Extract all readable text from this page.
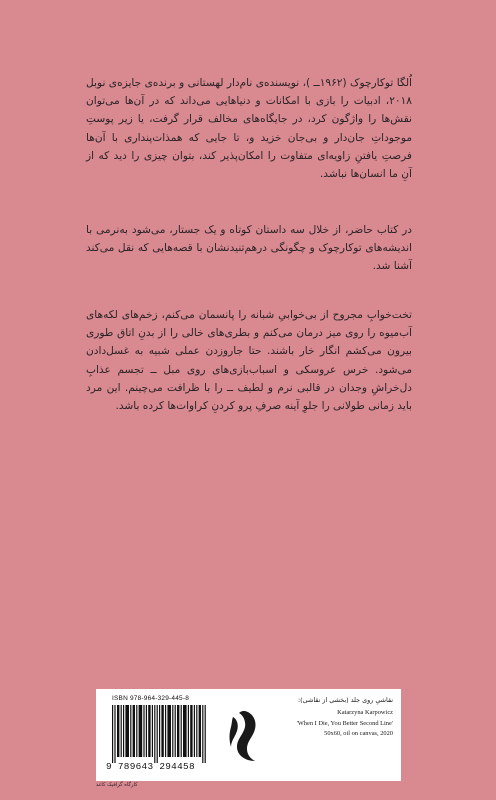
اُلگا توکارچوک (۱۹۶۲ــ )، نویسنده‌ی نام‌دار لهستانی و برنده‌ی جایزه‌ی نوبل ۲۰۱۸، ادبیات را بازی با امکانات و دنیاهایی می‌داند که در آن‌ها می‌توان نقش‌ها را واژگون کرد، در جایگاه‌های مخالف قرار گرفت، یا زیر پوستِ موجوداتِ جان‌دار و بی‌جان خزید و، تا جایی که همذات‌پنداری با آن‌ها فرصتِ یافتنِ زاویه‌ای متفاوت را امکان‌پذیر کند، بتوان چیزی را دید که از آنِ ما انسان‌ها نباشد.

در کتاب حاضر، از خلال سه داستان کوتاه و یک جستار، می‌شود به‌نرمی با اندیشه‌های توکارچوک و چگونگی درهم‌تنیدنشان با قصه‌هایی که نقل می‌کند آشنا شد.

تخت‌خوابِ مجروح از بی‌خوابیِ شبانه را پانسمان می‌کنم، زخم‌های لکه‌های آب‌میوه را روی میز درمان می‌کنم و بطری‌های خالی را از بدنِ اتاق طوری بیرون می‌کشم انگار خار باشند. حتا جاروزدن عملی شبیه به غسل‌دادن می‌شود. خرس عروسکی و اسباب‌بازی‌های روی مبل ــ تجسم عذابِ دل‌خراشِ وجدان در قالبی نرم و لطیف ــ را با ظرافت می‌چینم. این مرد باید زمانی طولانی را جلوِ آینه صرفِ پرو کردنِ کراوات‌ها کرده باشد.

ISBN 978-964-329-445-8
9 789643 294458
نقاشیِ روی جلد (بخشی از نقاشی):
Katarzyna Karpowicz
'When I Die, You Better Second Line'
50x60, oil on canvas, 2020
کارگاه گرافیک کاغذ
